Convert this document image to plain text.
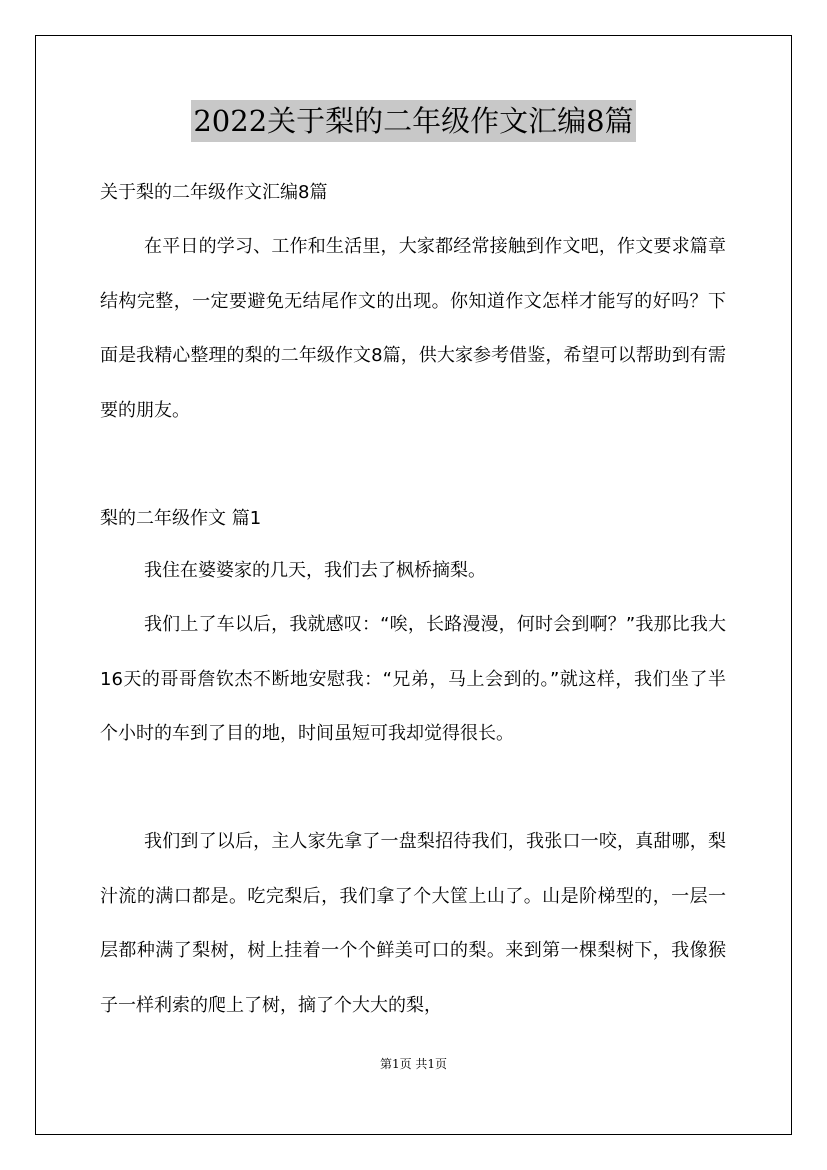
2022关于梨的二年级作文汇编8篇
关于梨的二年级作文汇编8篇

在平日的学习、工作和生活里，大家都经常接触到作文吧，作文要求篇章结构完整，一定要避免无结尾作文的出现。你知道作文怎样才能写的好吗？下面是我精心整理的梨的二年级作文8篇，供大家参考借鉴，希望可以帮助到有需要的朋友。

梨的二年级作文 篇1

我住在婆婆家的几天，我们去了枫桥摘梨。

我们上了车以后，我就感叹：“唉，长路漫漫，何时会到啊？”我那比我大16天的哥哥詹钦杰不断地安慰我：“兄弟，马上会到的。”就这样，我们坐了半个小时的车到了目的地，时间虽短可我却觉得很长。

我们到了以后，主人家先拿了一盘梨招待我们，我张口一咬，真甜哪，梨汁流的满口都是。吃完梨后，我们拿了个大筐上山了。山是阶梯型的，一层一层都种满了梨树，树上挂着一个个鲜美可口的梨。来到第一棵梨树下，我像猴子一样利索的爬上了树，摘了个大大的梨，

第1页 共1页
